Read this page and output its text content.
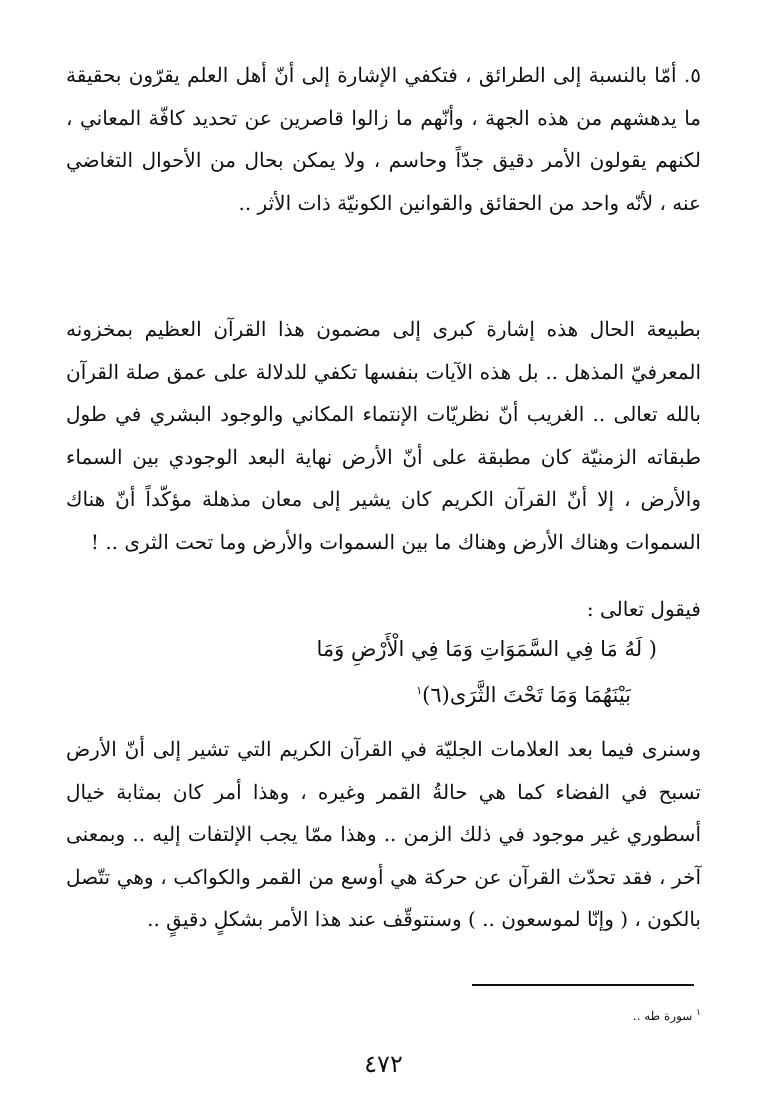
٥. أمّا بالنسبة إلى الطرائق ، فتكفي الإشارة إلى أنّ أهل العلم يقرّون بحقيقة ما يدهشهم من هذه الجهة ، وأنّهم ما زالوا قاصرين عن تحديد كافّة المعاني ، لكنهم يقولون الأمر دقيق جدّاً وحاسم ، ولا يمكن بحال من الأحوال التغاضي عنه ، لأنّه واحد من الحقائق والقوانين الكونيّة ذات الأثر ..

بطبيعة الحال هذه إشارة كبرى إلى مضمون هذا القرآن العظيم بمخزونه المعرفيّ المذهل .. بل هذه الآيات بنفسها تكفي للدلالة على عمق صلة القرآن بالله تعالى .. الغريب أنّ نظريّات الإنتماء المكاني والوجود البشري في طول طبقاته الزمنيّة كان مطبقة على أنّ الأرض نهاية البعد الوجودي بين السماء والأرض ، إلا أنّ القرآن الكريم كان يشير إلى معان مذهلة مؤكّداً أنّ هناك السموات وهناك الأرض وهناك ما بين السموات والأرض وما تحت الثرى .. !

فيقول تعالى :
( لَهُ مَا فِي السَّمَوَاتِ وَمَا فِي الْأَرْضِ وَمَا
بَيْنَهُمَا وَمَا تَحْتَ الثَّرَى(٦)$^١$

وسنرى فيما بعد العلامات الجليّة في القرآن الكريم التي تشير إلى أنّ الأرض تسبح في الفضاء كما هي حالةُ القمر وغيره ، وهذا أمر كان بمثابة خيال أسطوري غير موجود في ذلك الزمن .. وهذا ممّا يجب الإلتفات إليه .. وبمعنى آخر ، فقد تحدّث القرآن عن حركة هي أوسع من القمر والكواكب ، وهي تتّصل بالكون ، ( وإنّا لموسعون .. ) وسنتوقّف عند هذا الأمر بشكلٍ دقيقٍ ..

$^١$ سورة طه ..
٤٧٢
